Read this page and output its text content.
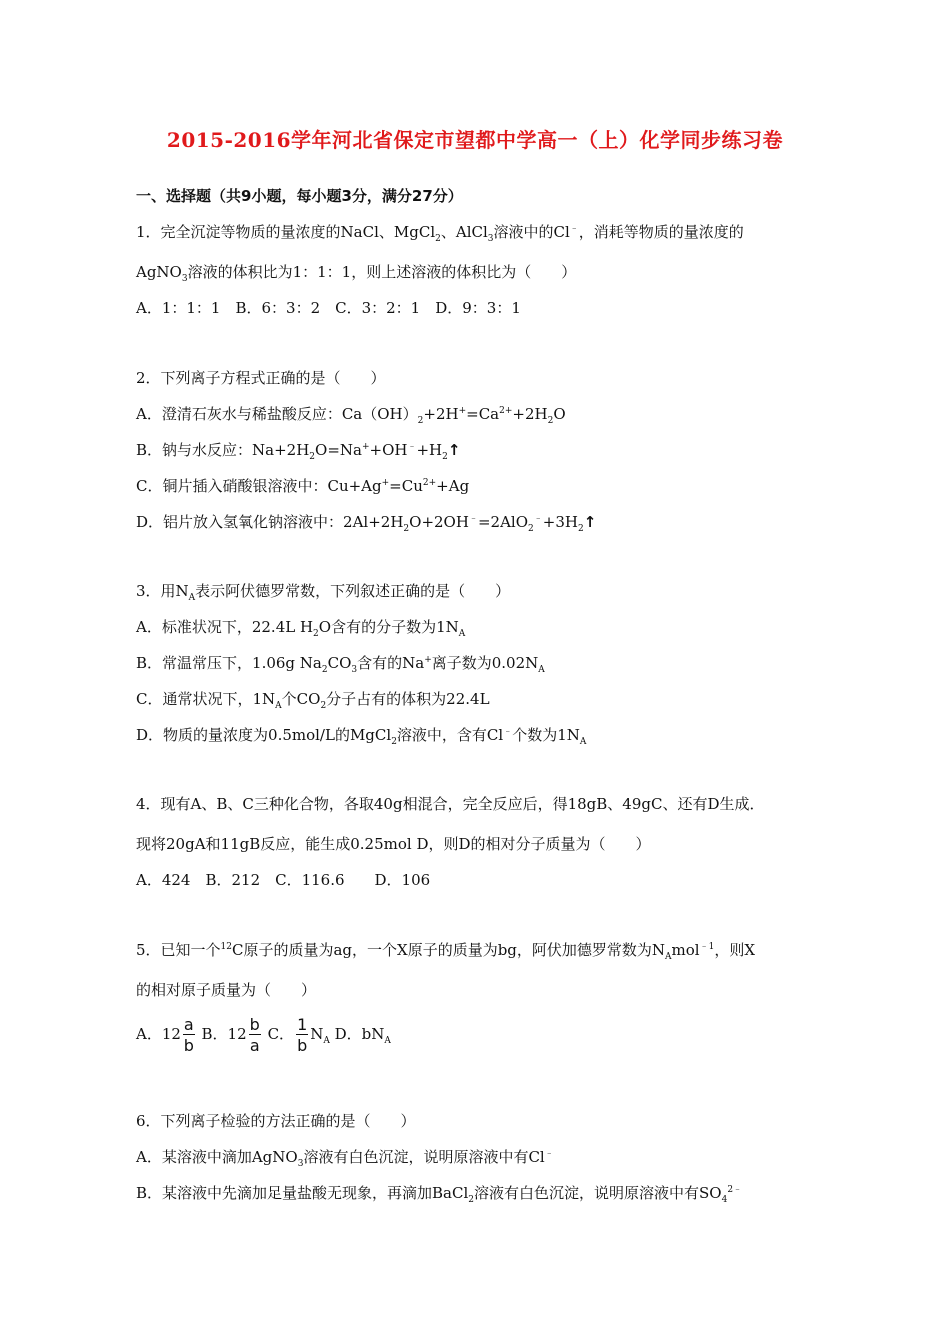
2015-2016学年河北省保定市望都中学高一（上）化学同步练习卷
一、选择题（共9小题，每小题3分，满分27分）
1．完全沉淀等物质的量浓度的NaCl、MgCl$_2$、AlCl$_3$溶液中的Cl﹣，消耗等物质的量浓度的
AgNO$_3$溶液的体积比为1：1：1，则上述溶液的体积比为（　　）
A．1：1：1　B．6：3：2　C．3：2：1　D．9：3：1
2．下列离子方程式正确的是（　　）
A．澄清石灰水与稀盐酸反应：$Ca(OH)_2+2H^+=Ca^{2+}+2H_2O$
B．钠与水反应：$Na+2H_2O=Na^++OH^﹣+H_2↑$
C．铜片插入硝酸银溶液中：$Cu+Ag^+=Cu^{2+}+Ag$
D．铝片放入氢氧化钠溶液中：$2Al+2H_2O+2OH^﹣=2AlO_2^﹣+3H_2↑$
3．用$N_A$表示阿伏德罗常数，下列叙述正确的是（　　）
A．标准状况下，22.4L $H_2O$含有的分子数为$1N_A$
B．常温常压下，1.06g $Na_2CO_3$含有的Na+离子数为$0.02N_A$
C．通常状况下，$1N_A$个$CO_2$分子占有的体积为22.4L
D．物质的量浓度为0.5mol/L的MgCl$_2$溶液中，含有Cl﹣个数为$1N_A$
4．现有A、B、C三种化合物，各取40g相混合，完全反应后，得18gB、49gC、还有D生成．
现将20gA和11gB反应，能生成0.25mol D，则D的相对分子质量为（　　）
A．424　B．212　C．116.6　　D．106
5．已知一个$^{12}$C原子的质量为ag，一个X原子的质量为bg，阿伏加德罗常数为$N_Amol^{﹣1}$，则X
的相对原子质量为（　　）
A．$12 \frac{a}{b}$ B．$12 \frac{b}{a}$ C． $\frac{1}{b} N_A$ D．$bN_A$
6．下列离子检验的方法正确的是（　　）
A．某溶液中滴加AgNO$_3$溶液有白色沉淀，说明原溶液中有Cl﹣
B．某溶液中先滴加足量盐酸无现象，再滴加BaCl$_2$溶液有白色沉淀，说明原溶液中有$SO_4^{2﹣}$
